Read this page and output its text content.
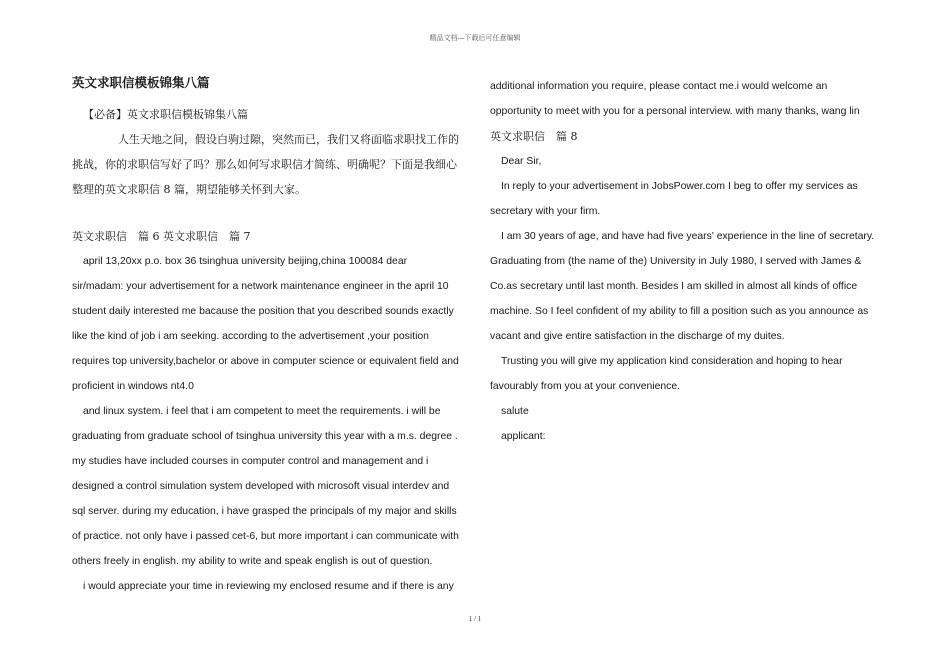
精品文档---下载后可任意编辑
英文求职信模板锦集八篇

【必备】英文求职信模板锦集八篇

人生天地之间，假设白驹过隙，突然而已，我们又将面临求职找工作的挑战，你的求职信写好了吗？那么如何写求职信才简练、明确呢？下面是我细心整理的英文求职信 8 篇，期望能够关怀到大家。

英文求职信　篇 6 英文求职信　篇 7

april 13,20xx p.o. box 36 tsinghua university beijing,china 100084 dear sir/madam: your advertisement for a network maintenance engineer in the april 10 student daily interested me bacause the position that you described sounds exactly like the kind of job i am seeking. according to the advertisement ,your position requires top university,bachelor or above in computer science or equivalent field and proficient in windows nt4.0

and linux system. i feel that i am competent to meet the requirements. i will be graduating from graduate school of tsinghua university this year with a m.s. degree . my studies have included courses in computer control and management and i designed a control simulation system developed with microsoft visual interdev and sql server. during my education, i have grasped the principals of my major and skills of practice. not only have i passed cet-6, but more important i can communicate with others freely in english. my ability to write and speak english is out of question.

i would appreciate your time in reviewing my enclosed resume and if there is any

additional information you require, please contact me.i would welcome an opportunity to meet with you for a personal interview. with many thanks, wang lin

英文求职信　篇 8

Dear Sir,

In reply to your advertisement in JobsPower.com I beg to offer my services as secretary with your firm.

I am 30 years of age, and have had five years' experience in the line of secretary. Graduating from (the name of the) University in July 1980, I served with James & Co.as secretary until last month. Besides I am skilled in almost all kinds of office machine. So I feel confident of my ability to fill a position such as you announce as vacant and give entire satisfaction in the discharge of my duites.

Trusting you will give my application kind consideration and hoping to hear favourably from you at your convenience.

salute

applicant:

1 / 1
